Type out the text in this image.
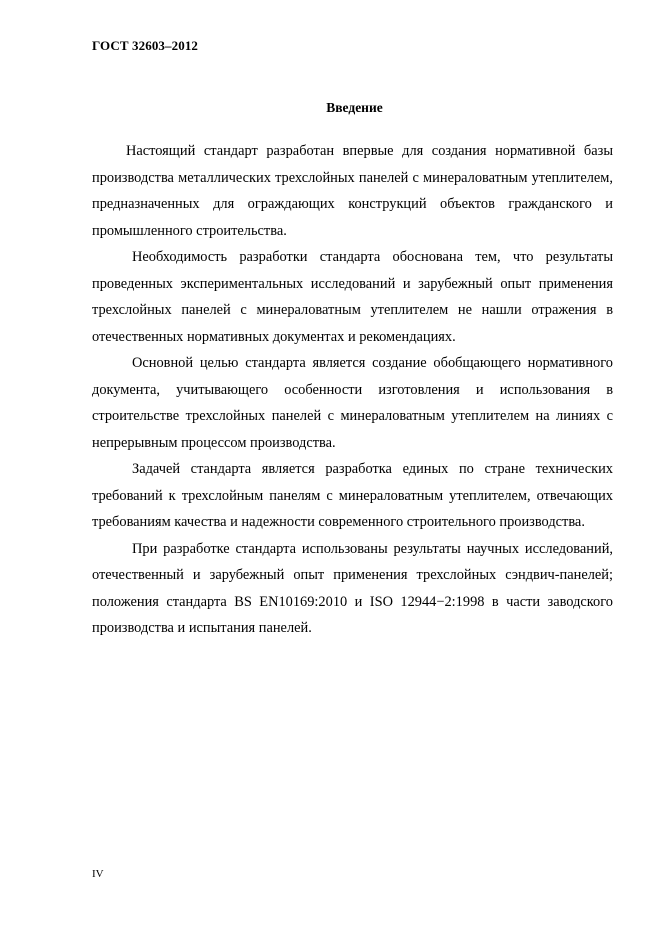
ГОСТ 32603–2012
Введение

Настоящий стандарт разработан впервые для создания нормативной базы производства металлических трехслойных панелей с минераловатным утеплителем, предназначенных для ограждающих конструкций объектов гражданского и промышленного строительства.

Необходимость разработки стандарта обоснована тем, что результаты проведенных экспериментальных исследований и зарубежный опыт применения трехслойных панелей с минераловатным утеплителем не нашли отражения в отечественных нормативных документах и рекомендациях.

Основной целью стандарта является создание обобщающего нормативного документа, учитывающего особенности изготовления и использования в строительстве трехслойных панелей с минераловатным утеплителем на линиях с непрерывным процессом производства.

Задачей стандарта является разработка единых по стране технических требований к трехслойным панелям с минераловатным утеплителем, отвечающих требованиям качества и надежности современного строительного производства.

При разработке стандарта использованы результаты научных исследований, отечественный и зарубежный опыт применения трехслойных сэндвич-панелей; положения стандарта BS EN10169:2010 и ISO 12944−2:1998 в части заводского производства и испытания панелей.

IV
